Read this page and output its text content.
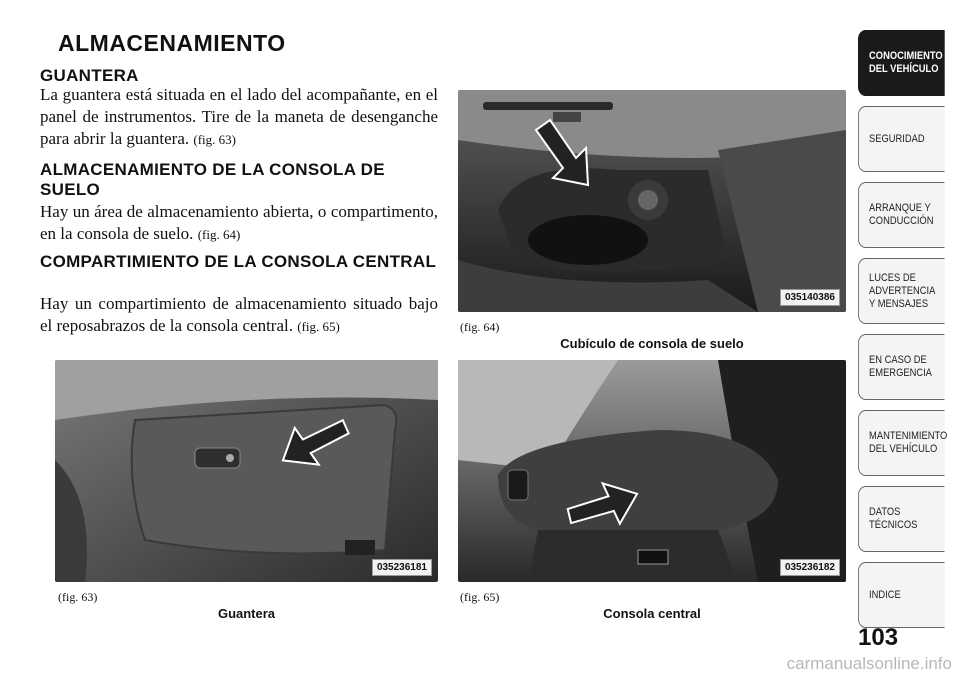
ALMACENAMIENTO
GUANTERA
La guantera está situada en el lado del acompañante, en el panel de instrumentos. Tire de la maneta de desenganche para abrir la guantera. (fig. 63)
ALMACENAMIENTO DE LA CONSOLA DE SUELO
Hay un área de almacenamiento abierta, o compartimento, en la consola de suelo. (fig. 64)
COMPARTIMIENTO DE LA CONSOLA CENTRAL
Hay un compartimiento de almacenamiento situado bajo el reposabrazos de la consola central. (fig. 65)
035140386
(fig. 64)
Cubículo de consola de suelo
035236181
(fig. 63)
Guantera
035236182
(fig. 65)
Consola central
CONOCIMIENTO DEL VEHÍCULO
SEGURIDAD
ARRANQUE Y CONDUCCIÓN
LUCES DE ADVERTENCIA Y MENSAJES
EN CASO DE EMERGENCIA
MANTENIMIENTO DEL VEHÍCULO
DATOS TÉCNICOS
INDICE
103
carmanualsonline.info
